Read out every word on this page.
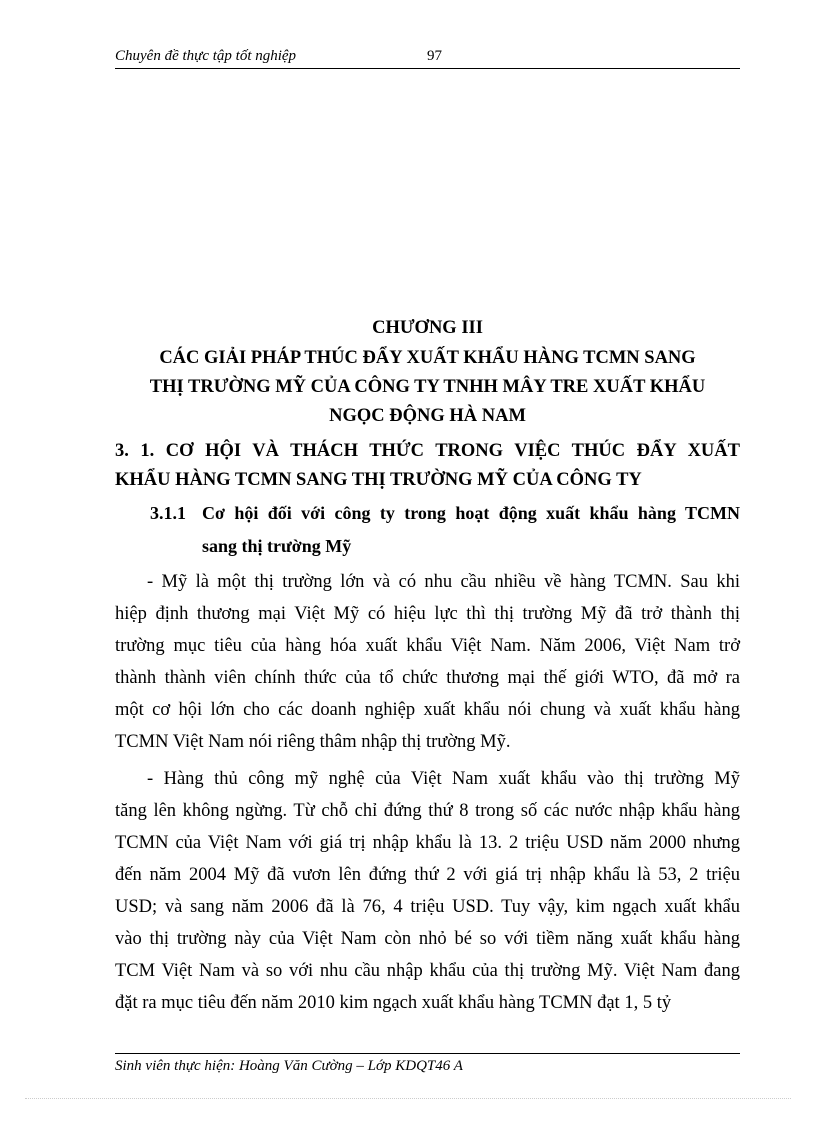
Chuyên đề thực tập tốt nghiệp	97
CHƯƠNG III
CÁC GIẢI PHÁP THÚC ĐẨY XUẤT KHẨU HÀNG TCMN SANG
THỊ TRƯỜNG MỸ CỦA CÔNG TY TNHH MÂY TRE XUẤT KHẨU
NGỌC ĐỘNG HÀ NAM
3. 1. CƠ HỘI VÀ THÁCH THỨC TRONG VIỆC THÚC ĐẨY XUẤT
KHẨU HÀNG TCMN SANG THỊ TRƯỜNG MỸ CỦA CÔNG TY
3.1.1 Cơ hội đối với công ty trong hoạt động xuất khẩu hàng TCMN
sang thị trường Mỹ
- Mỹ là một thị trường lớn và có nhu cầu nhiều về hàng TCMN. Sau khi
hiệp định thương mại Việt Mỹ có hiệu lực thì thị trường Mỹ đã trở thành thị
trường mục tiêu của hàng hóa xuất khẩu Việt Nam. Năm 2006, Việt Nam trở
thành thành viên chính thức của tổ chức thương mại thế giới WTO, đã mở ra
một cơ hội lớn cho các doanh nghiệp xuất khẩu nói chung và xuất khẩu hàng
TCMN Việt Nam nói riêng thâm nhập thị trường Mỹ.
- Hàng thủ công mỹ nghệ của Việt Nam xuất khẩu vào thị trường Mỹ
tăng lên không ngừng. Từ chỗ chỉ đứng thứ 8 trong số các nước nhập khẩu hàng
TCMN của Việt Nam với giá trị nhập khẩu là 13. 2 triệu USD năm 2000 nhưng
đến năm 2004 Mỹ đã vươn lên đứng thứ 2 với giá trị nhập khẩu là 53, 2 triệu
USD; và sang năm 2006 đã là 76, 4 triệu USD. Tuy vậy, kim ngạch xuất khẩu
vào thị trường này của Việt Nam còn nhỏ bé so với tiềm năng xuất khẩu hàng
TCM Việt Nam và so với nhu cầu nhập khẩu của thị trường Mỹ. Việt Nam đang
đặt ra mục tiêu đến năm 2010 kim ngạch xuất khẩu hàng TCMN đạt 1, 5 tỷ
Sinh viên thực hiện: Hoàng Văn Cường – Lớp KDQT46 A
